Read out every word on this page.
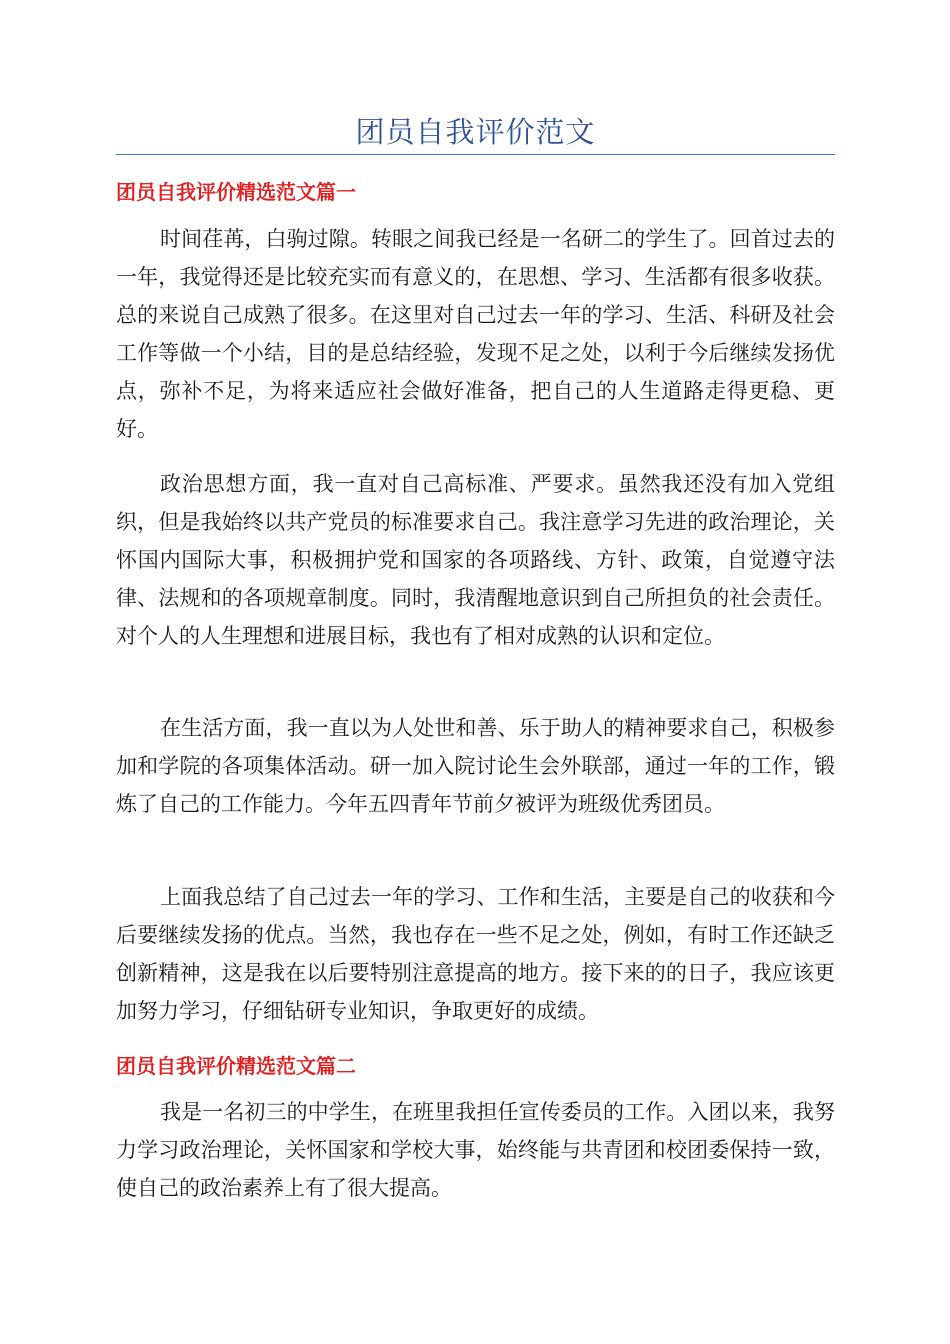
团员自我评价范文
团员自我评价精选范文篇一

时间荏苒，白驹过隙。转眼之间我已经是一名研二的学生了。回首过去的一年，我觉得还是比较充实而有意义的，在思想、学习、生活都有很多收获。总的来说自己成熟了很多。在这里对自己过去一年的学习、生活、科研及社会工作等做一个小结，目的是总结经验，发现不足之处，以利于今后继续发扬优点，弥补不足，为将来适应社会做好准备，把自己的人生道路走得更稳、更好。

政治思想方面，我一直对自己高标准、严要求。虽然我还没有加入党组织，但是我始终以共产党员的标准要求自己。我注意学习先进的政治理论，关怀国内国际大事，积极拥护党和国家的各项路线、方针、政策，自觉遵守法律、法规和的各项规章制度。同时，我清醒地意识到自己所担负的社会责任。对个人的人生理想和进展目标，我也有了相对成熟的认识和定位。

在生活方面，我一直以为人处世和善、乐于助人的精神要求自己，积极参加和学院的各项集体活动。研一加入院讨论生会外联部，通过一年的工作，锻炼了自己的工作能力。今年五四青年节前夕被评为班级优秀团员。

上面我总结了自己过去一年的学习、工作和生活，主要是自己的收获和今后要继续发扬的优点。当然，我也存在一些不足之处，例如，有时工作还缺乏创新精神，这是我在以后要特别注意提高的地方。接下来的的日子，我应该更加努力学习，仔细钻研专业知识，争取更好的成绩。

团员自我评价精选范文篇二

我是一名初三的中学生，在班里我担任宣传委员的工作。入团以来，我努力学习政治理论，关怀国家和学校大事，始终能与共青团和校团委保持一致，使自己的政治素养上有了很大提高。
